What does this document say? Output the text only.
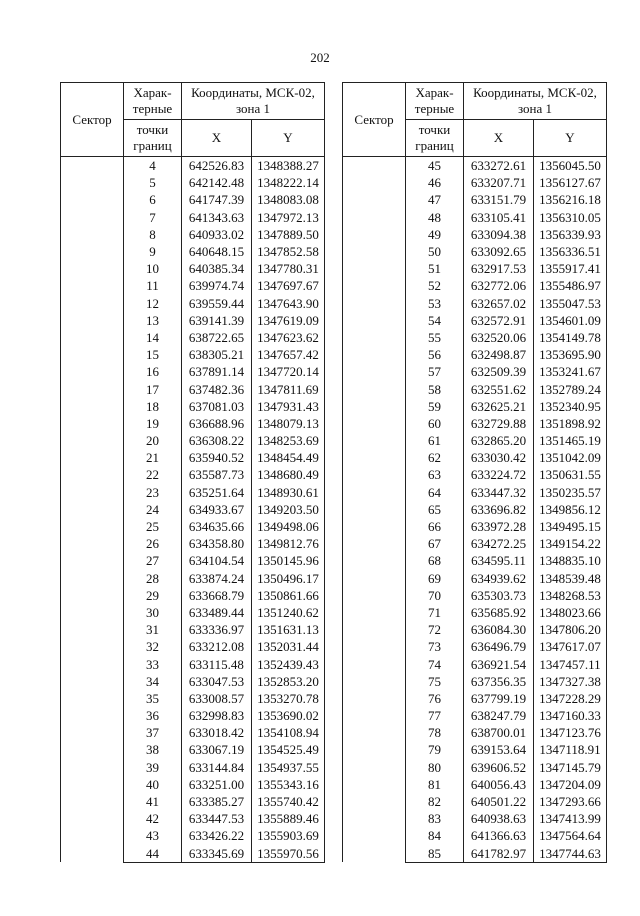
202
Сектор	Харак-терные	Координаты, МСК-02, зона 1	
	точки границ	X	Y
	4	642526.83	1348388.27
	5	642142.48	1348222.14
	6	641747.39	1348083.08
	7	641343.63	1347972.13
	8	640933.02	1347889.50
	9	640648.15	1347852.58
	10	640385.34	1347780.31
	11	639974.74	1347697.67
	12	639559.44	1347643.90
	13	639141.39	1347619.09
	14	638722.65	1347623.62
	15	638305.21	1347657.42
	16	637891.14	1347720.14
	17	637482.36	1347811.69
	18	637081.03	1347931.43
	19	636688.96	1348079.13
	20	636308.22	1348253.69
	21	635940.52	1348454.49
	22	635587.73	1348680.49
	23	635251.64	1348930.61
	24	634933.67	1349203.50
	25	634635.66	1349498.06
	26	634358.80	1349812.76
	27	634104.54	1350145.96
	28	633874.24	1350496.17
	29	633668.79	1350861.66
	30	633489.44	1351240.62
	31	633336.97	1351631.13
	32	633212.08	1352031.44
	33	633115.48	1352439.43
	34	633047.53	1352853.20
	35	633008.57	1353270.78
	36	632998.83	1353690.02
	37	633018.42	1354108.94
	38	633067.19	1354525.49
	39	633144.84	1354937.55
	40	633251.00	1355343.16
	41	633385.27	1355740.42
	42	633447.53	1355889.46
	43	633426.22	1355903.69
	44	633345.69	1355970.56
Сектор	Харак-терные	Координаты, МСК-02, зона 1	
	точки границ	X	Y
	45	633272.61	1356045.50
	46	633207.71	1356127.67
	47	633151.79	1356216.18
	48	633105.41	1356310.05
	49	633094.38	1356339.93
	50	633092.65	1356336.51
	51	632917.53	1355917.41
	52	632772.06	1355486.97
	53	632657.02	1355047.53
	54	632572.91	1354601.09
	55	632520.06	1354149.78
	56	632498.87	1353695.90
	57	632509.39	1353241.67
	58	632551.62	1352789.24
	59	632625.21	1352340.95
	60	632729.88	1351898.92
	61	632865.20	1351465.19
	62	633030.42	1351042.09
	63	633224.72	1350631.55
	64	633447.32	1350235.57
	65	633696.82	1349856.12
	66	633972.28	1349495.15
	67	634272.25	1349154.22
	68	634595.11	1348835.10
	69	634939.62	1348539.48
	70	635303.73	1348268.53
	71	635685.92	1348023.66
	72	636084.30	1347806.20
	73	636496.79	1347617.07
	74	636921.54	1347457.11
	75	637356.35	1347327.38
	76	637799.19	1347228.29
	77	638247.79	1347160.33
	78	638700.01	1347123.76
	79	639153.64	1347118.91
	80	639606.52	1347145.79
	81	640056.43	1347204.09
	82	640501.22	1347293.66
	83	640938.63	1347413.99
	84	641366.63	1347564.64
	85	641782.97	1347744.63
